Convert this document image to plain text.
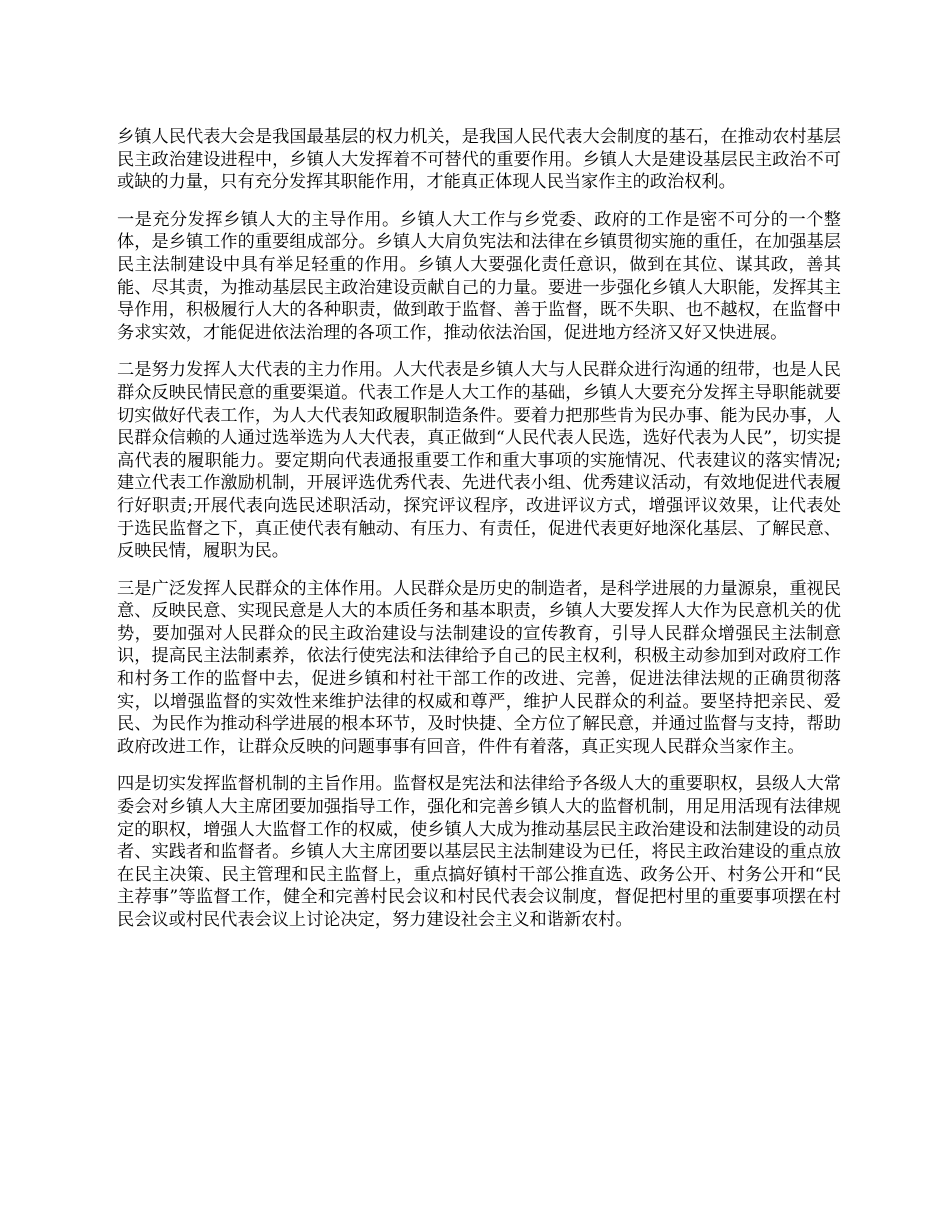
乡镇人民代表大会是我国最基层的权力机关，是我国人民代表大会制度的基石，在推动农村基层民主政治建设进程中，乡镇人大发挥着不可替代的重要作用。乡镇人大是建设基层民主政治不可或缺的力量，只有充分发挥其职能作用，才能真正体现人民当家作主的政治权利。

一是充分发挥乡镇人大的主导作用。乡镇人大工作与乡党委、政府的工作是密不可分的一个整体，是乡镇工作的重要组成部分。乡镇人大肩负宪法和法律在乡镇贯彻实施的重任，在加强基层民主法制建设中具有举足轻重的作用。乡镇人大要强化责任意识，做到在其位、谋其政，善其能、尽其责，为推动基层民主政治建设贡献自己的力量。要进一步强化乡镇人大职能，发挥其主导作用，积极履行人大的各种职责，做到敢于监督、善于监督，既不失职、也不越权，在监督中务求实效，才能促进依法治理的各项工作，推动依法治国，促进地方经济又好又快进展。

二是努力发挥人大代表的主力作用。人大代表是乡镇人大与人民群众进行沟通的纽带，也是人民群众反映民情民意的重要渠道。代表工作是人大工作的基础，乡镇人大要充分发挥主导职能就要切实做好代表工作，为人大代表知政履职制造条件。要着力把那些肯为民办事、能为民办事，人民群众信赖的人通过选举选为人大代表，真正做到“人民代表人民选，选好代表为人民”，切实提高代表的履职能力。要定期向代表通报重要工作和重大事项的实施情况、代表建议的落实情况;建立代表工作激励机制，开展评选优秀代表、先进代表小组、优秀建议活动，有效地促进代表履行好职责;开展代表向选民述职活动，探究评议程序，改进评议方式，增强评议效果，让代表处于选民监督之下，真正使代表有触动、有压力、有责任，促进代表更好地深化基层、了解民意、反映民情，履职为民。

三是广泛发挥人民群众的主体作用。人民群众是历史的制造者，是科学进展的力量源泉，重视民意、反映民意、实现民意是人大的本质任务和基本职责，乡镇人大要发挥人大作为民意机关的优势，要加强对人民群众的民主政治建设与法制建设的宣传教育，引导人民群众增强民主法制意识，提高民主法制素养，依法行使宪法和法律给予自己的民主权利，积极主动参加到对政府工作和村务工作的监督中去，促进乡镇和村社干部工作的改进、完善，促进法律法规的正确贯彻落实，以增强监督的实效性来维护法律的权威和尊严，维护人民群众的利益。要坚持把亲民、爱民、为民作为推动科学进展的根本环节，及时快捷、全方位了解民意，并通过监督与支持，帮助政府改进工作，让群众反映的问题事事有回音，件件有着落，真正实现人民群众当家作主。

四是切实发挥监督机制的主旨作用。监督权是宪法和法律给予各级人大的重要职权，县级人大常委会对乡镇人大主席团要加强指导工作，强化和完善乡镇人大的监督机制，用足用活现有法律规定的职权，增强人大监督工作的权威，使乡镇人大成为推动基层民主政治建设和法制建设的动员者、实践者和监督者。乡镇人大主席团要以基层民主法制建设为已任，将民主政治建设的重点放在民主决策、民主管理和民主监督上，重点搞好镇村干部公推直选、政务公开、村务公开和“民主荐事”等监督工作，健全和完善村民会议和村民代表会议制度，督促把村里的重要事项摆在村民会议或村民代表会议上讨论决定，努力建设社会主义和谐新农村。
